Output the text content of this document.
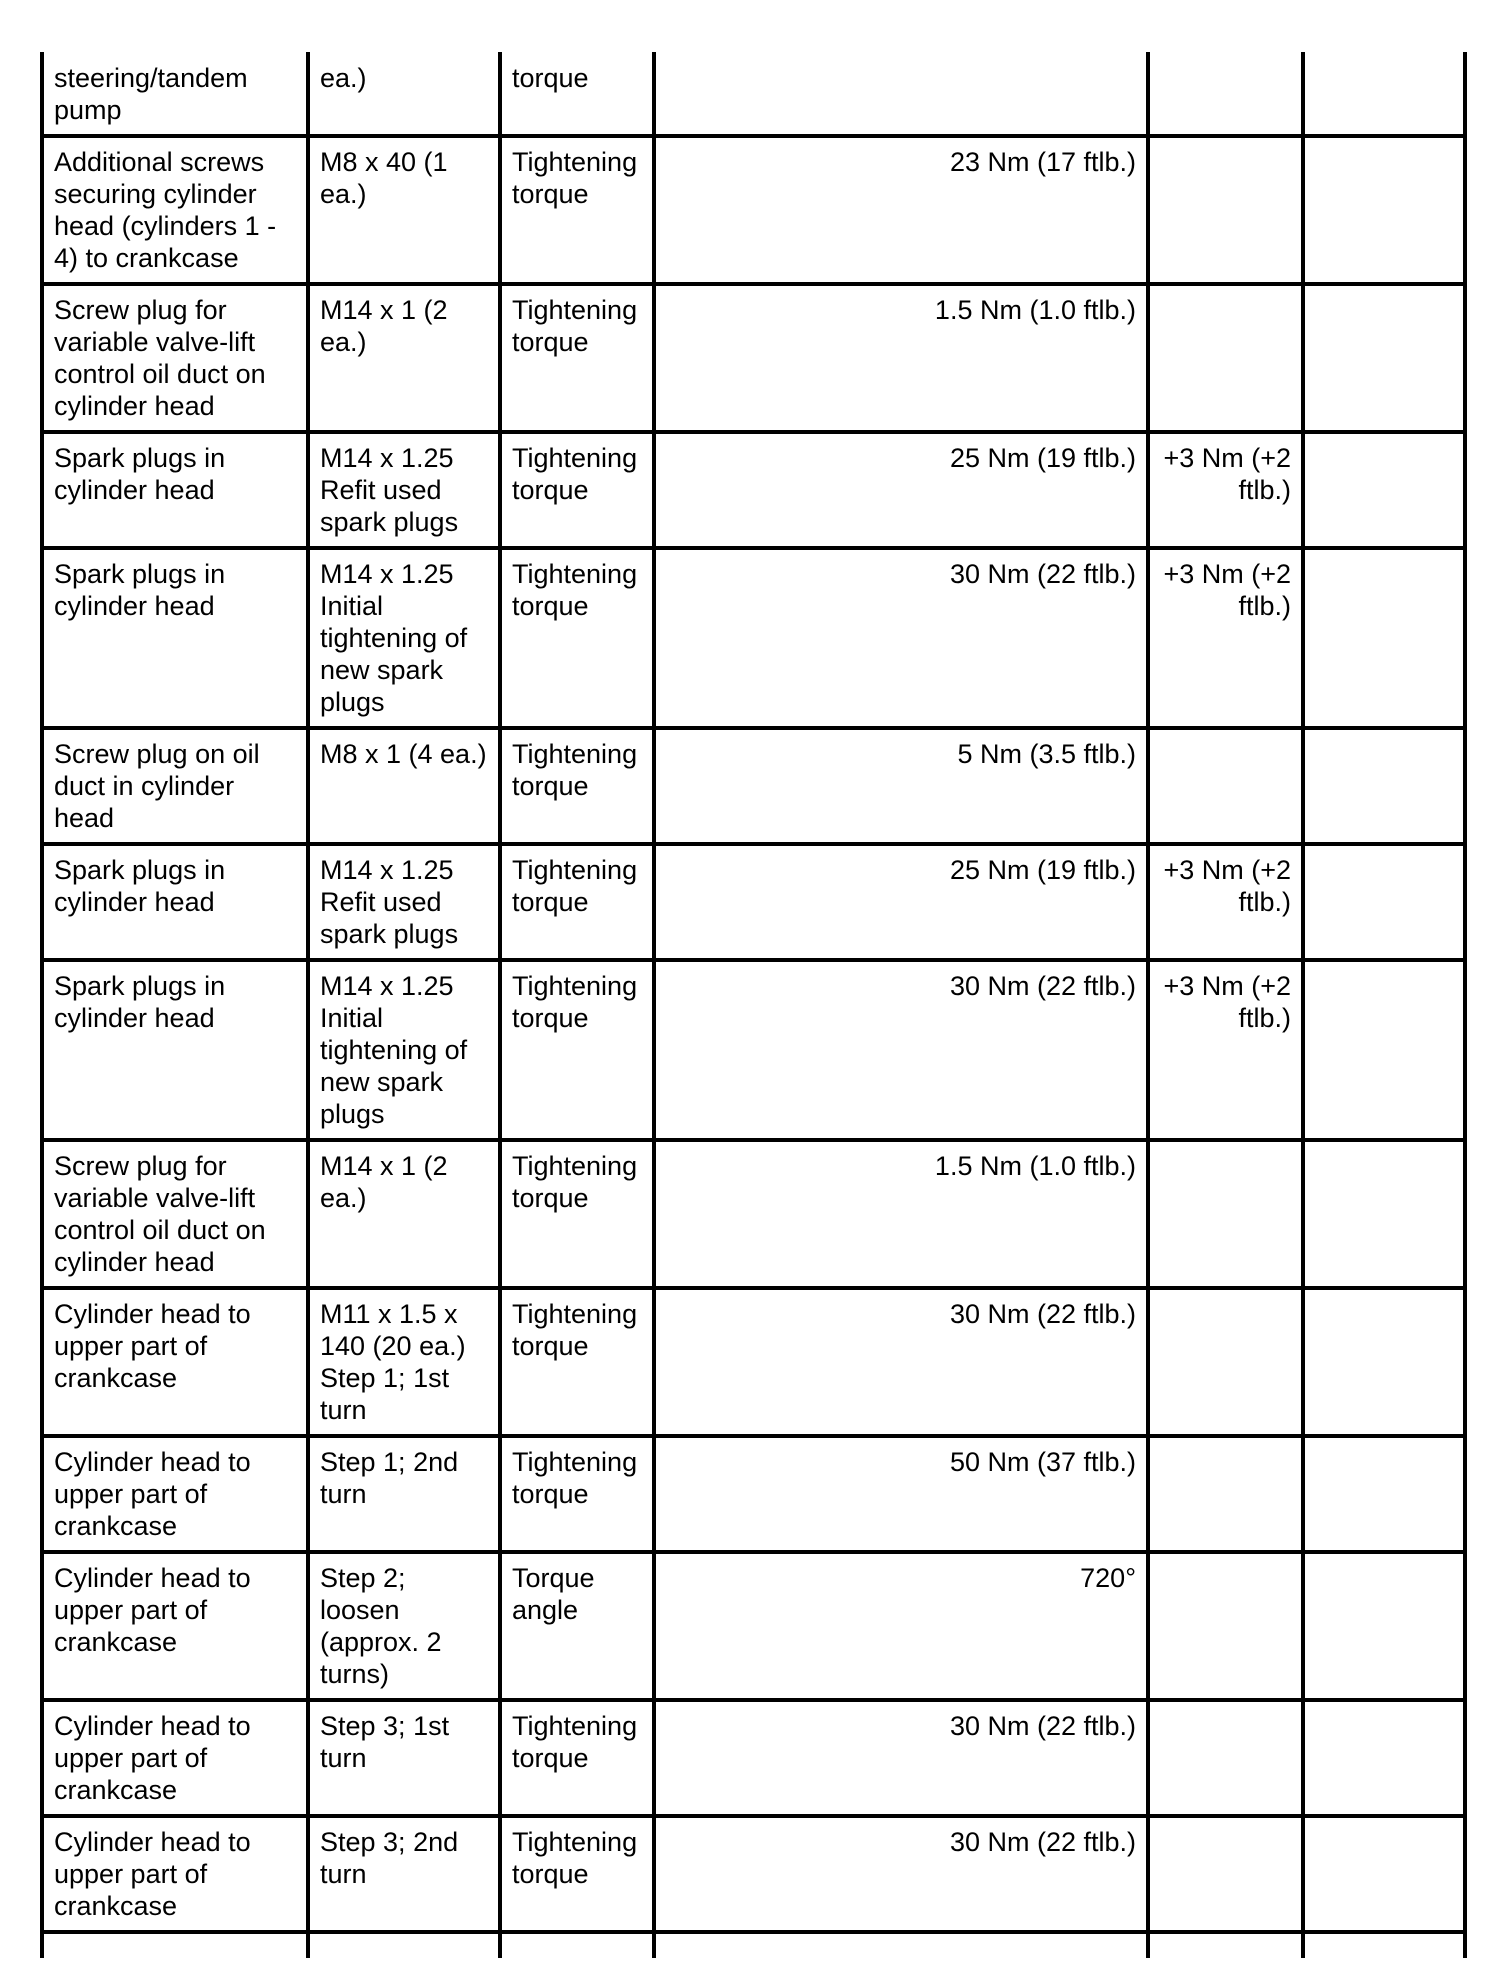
steering/tandem pump	ea.)	torque			
Additional screws securing cylinder head (cylinders 1 - 4) to crankcase	M8 x 40 (1 ea.)	Tightening torque	23 Nm (17 ftlb.)		
Screw plug for variable valve-lift control oil duct on cylinder head	M14 x 1 (2 ea.)	Tightening torque	1.5 Nm (1.0 ftlb.)		
Spark plugs in cylinder head	M14 x 1.25 Refit used spark plugs	Tightening torque	25 Nm (19 ftlb.)	+3 Nm (+2 ftlb.)	
Spark plugs in cylinder head	M14 x 1.25 Initial tightening of new spark plugs	Tightening torque	30 Nm (22 ftlb.)	+3 Nm (+2 ftlb.)	
Screw plug on oil duct in cylinder head	M8 x 1 (4 ea.)	Tightening torque	5 Nm (3.5 ftlb.)		
Spark plugs in cylinder head	M14 x 1.25 Refit used spark plugs	Tightening torque	25 Nm (19 ftlb.)	+3 Nm (+2 ftlb.)	
Spark plugs in cylinder head	M14 x 1.25 Initial tightening of new spark plugs	Tightening torque	30 Nm (22 ftlb.)	+3 Nm (+2 ftlb.)	
Screw plug for variable valve-lift control oil duct on cylinder head	M14 x 1 (2 ea.)	Tightening torque	1.5 Nm (1.0 ftlb.)		
Cylinder head to upper part of crankcase	M11 x 1.5 x 140 (20 ea.) Step 1; 1st turn	Tightening torque	30 Nm (22 ftlb.)		
Cylinder head to upper part of crankcase	Step 1; 2nd turn	Tightening torque	50 Nm (37 ftlb.)		
Cylinder head to upper part of crankcase	Step 2; loosen (approx. 2 turns)	Torque angle	720°		
Cylinder head to upper part of crankcase	Step 3; 1st turn	Tightening torque	30 Nm (22 ftlb.)		
Cylinder head to upper part of crankcase	Step 3; 2nd turn	Tightening torque	30 Nm (22 ftlb.)		
